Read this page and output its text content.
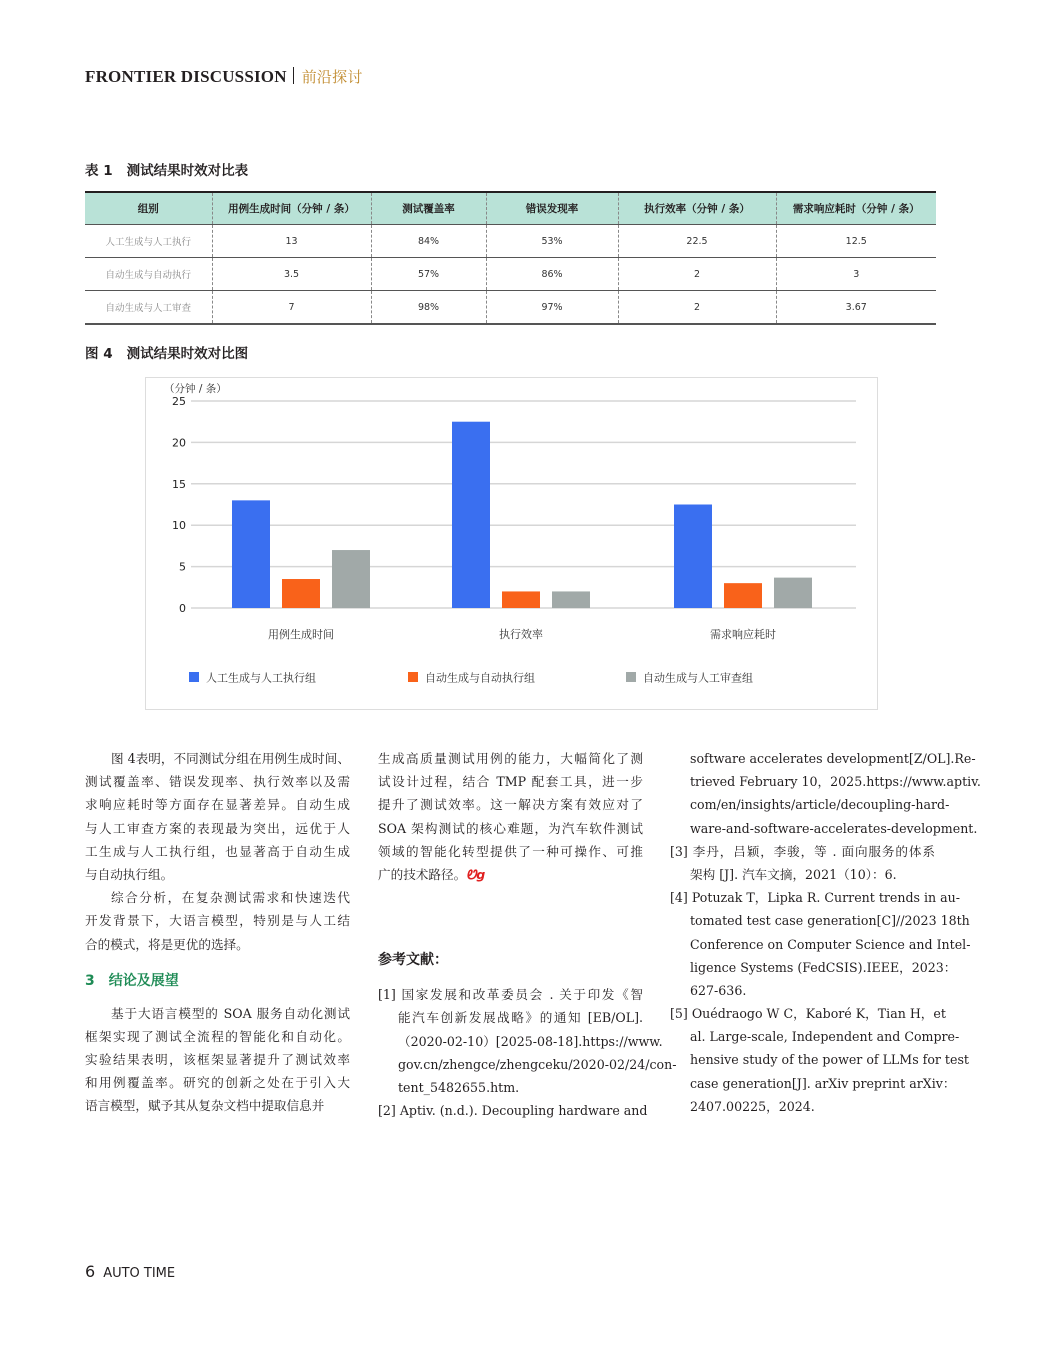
FRONTIER DISCUSSION 前沿探讨
表 1 测试结果时效对比表
组别	用例生成时间（分钟 / 条）	测试覆盖率	错误发现率	执行效率（分钟 / 条）	需求响应耗时（分钟 / 条）
人工生成与人工执行	13	84%	53%	22.5	12.5
自动生成与自动执行	3.5	57%	86%	2	3
自动生成与人工审查	7	98%	97%	2	3.67
图 4 测试结果时效对比图
（分钟 / 条）
0
5
10
15
20
25
用例生成时间	执行效率	需求响应耗时
人工生成与人工执行组	自动生成与自动执行组	自动生成与人工审查组
图 4表明，不同测试分组在用例生成时间、
测试覆盖率、错误发现率、执行效率以及需
求响应耗时等方面存在显著差异。自动生成
与人工审查方案的表现最为突出，远优于人
工生成与人工执行组，也显著高于自动生成
与自动执行组。
综合分析，在复杂测试需求和快速迭代
开发背景下，大语言模型，特别是与人工结
合的模式，将是更优的选择。
3　结论及展望
基于大语言模型的 SOA 服务自动化测试
框架实现了测试全流程的智能化和自动化。
实验结果表明，该框架显著提升了测试效率
和用例覆盖率。研究的创新之处在于引入大
语言模型，赋予其从复杂文档中提取信息并
生成高质量测试用例的能力，大幅简化了测
试设计过程，结合 TMP 配套工具，进一步
提升了测试效率。这一解决方案有效应对了
SOA 架构测试的核心难题，为汽车软件测试
领域的智能化转型提供了一种可操作、可推
广的技术路径。Ꮼg
参考文献：
[1] 国家发展和改革委员会 . 关于印发《智
能汽车创新发展战略》的通知 [EB/OL].
（2020-02-10）[2025-08-18].https://www.
gov.cn/zhengce/zhengceku/2020-02/24/con-
tent_5482655.htm.
[2] Aptiv. (n.d.). Decoupling hardware and
software accelerates development[Z/OL].Re-
trieved February 10，2025.https://www.aptiv.
com/en/insights/article/decoupling-hard-
ware-and-software-accelerates-development.
[3] 李丹，吕颖，李骏，等 . 面向服务的体系
架构 [J]. 汽车文摘，2021（10）：6.
[4] Potuzak T，Lipka R. Current trends in au-
tomated test case generation[C]//2023 18th
Conference on Computer Science and Intel-
ligence Systems (FedCSIS).IEEE，2023：
627-636.
[5] Ouédraogo W C，Kaboré K，Tian H，et
al. Large-scale, Independent and Compre-
hensive study of the power of LLMs for test
case generation[J]. arXiv preprint arXiv：
2407.00225，2024.
6 AUTO TIME
